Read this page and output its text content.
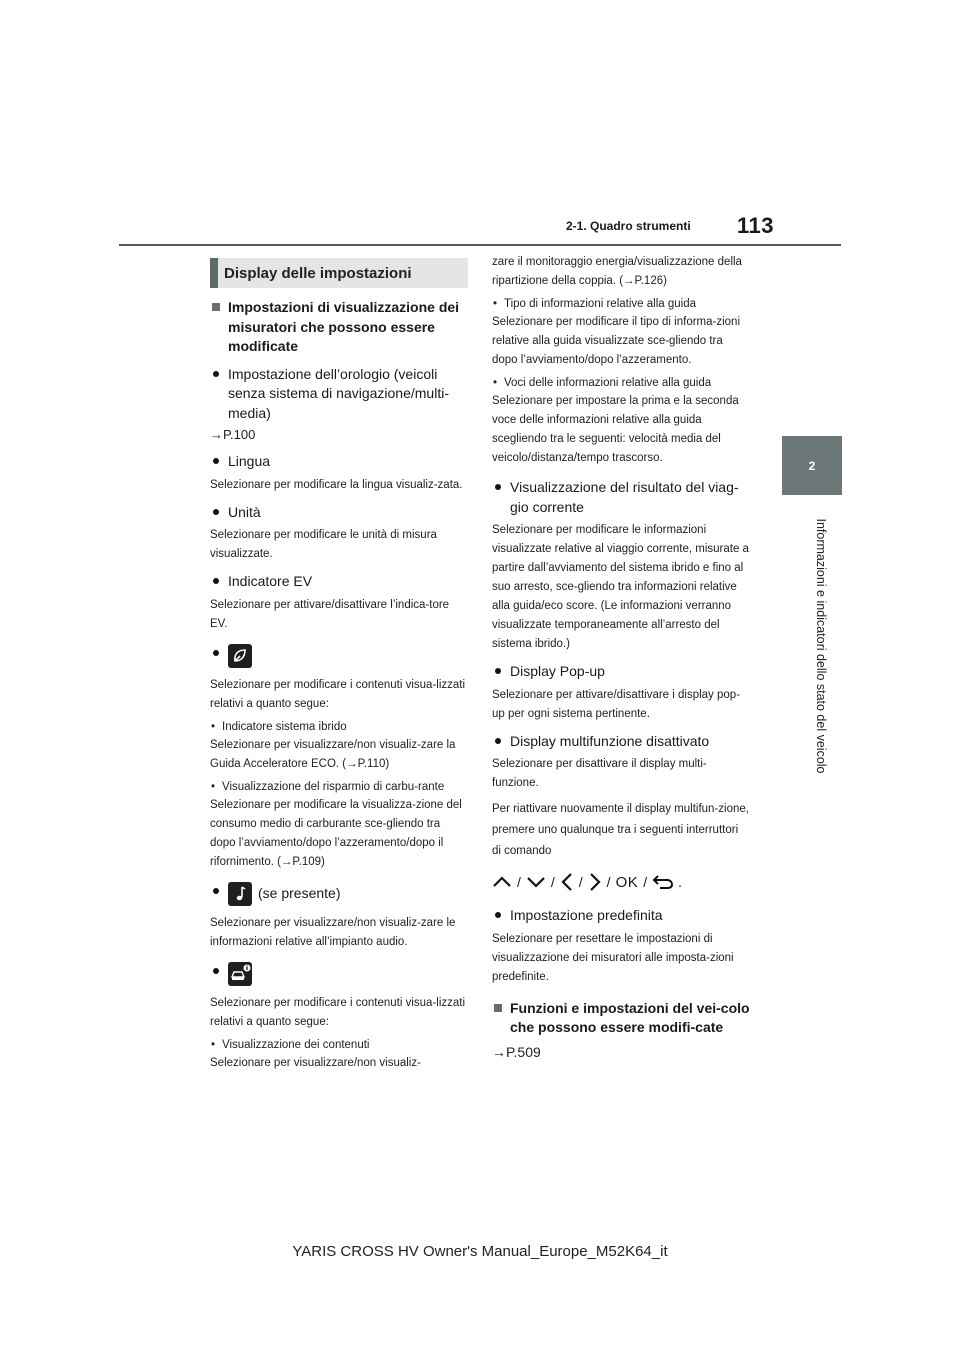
2-1. Quadro strumenti 113
2
Informazioni e indicatori dello stato del veicolo
Display delle impostazioni
Impostazioni di visualizzazione dei misuratori che possono essere modificate
Impostazione dell’orologio (veicoli senza sistema di navigazione/multi-media)
→P.100
Lingua
Selezionare per modificare la lingua visualiz-zata.
Unità
Selezionare per modificare le unità di misura visualizzate.
Indicatore EV
Selezionare per attivare/disattivare l’indica-tore EV.
Selezionare per modificare i contenuti visua-lizzati relativi a quanto segue:
• Indicatore sistema ibrido
Selezionare per visualizzare/non visualiz-zare la Guida Acceleratore ECO. (→P.110)
• Visualizzazione del risparmio di carbu-rante
Selezionare per modificare la visualizza-zione del consumo medio di carburante sce-gliendo tra dopo l’avviamento/dopo l’azzeramento/dopo il rifornimento. (→P.109)
(se presente)
Selezionare per visualizzare/non visualiz-zare le informazioni relative all’impianto audio.
Selezionare per modificare i contenuti visua-lizzati relativi a quanto segue:
• Visualizzazione dei contenuti
Selezionare per visualizzare/non visualiz-
zare il monitoraggio energia/visualizzazione della ripartizione della coppia. (→P.126)
• Tipo di informazioni relative alla guida
Selezionare per modificare il tipo di informa-zioni relative alla guida visualizzate sce-gliendo tra dopo l’avviamento/dopo l’azzeramento.
• Voci delle informazioni relative alla guida
Selezionare per impostare la prima e la seconda voce delle informazioni relative alla guida scegliendo tra le seguenti: velocità media del veicolo/distanza/tempo trascorso.
Visualizzazione del risultato del viag-gio corrente
Selezionare per modificare le informazioni visualizzate relative al viaggio corrente, misurate a partire dall’avviamento del sistema ibrido e fino al suo arresto, sce-gliendo tra informazioni relative alla guida/eco score. (Le informazioni verranno visualizzate temporaneamente all’arresto del sistema ibrido.)
Display Pop-up
Selezionare per attivare/disattivare i display pop-up per ogni sistema pertinente.
Display multifunzione disattivato
Selezionare per disattivare il display multi-funzione.
Per riattivare nuovamente il display multifun-zione, premere uno qualunque tra i seguenti interruttori di comando
/ / / / OK / .
Impostazione predefinita
Selezionare per resettare le impostazioni di visualizzazione dei misuratori alle imposta-zioni predefinite.
Funzioni e impostazioni del vei-colo che possono essere modifi-cate
→P.509
YARIS CROSS HV Owner's Manual_Europe_M52K64_it
